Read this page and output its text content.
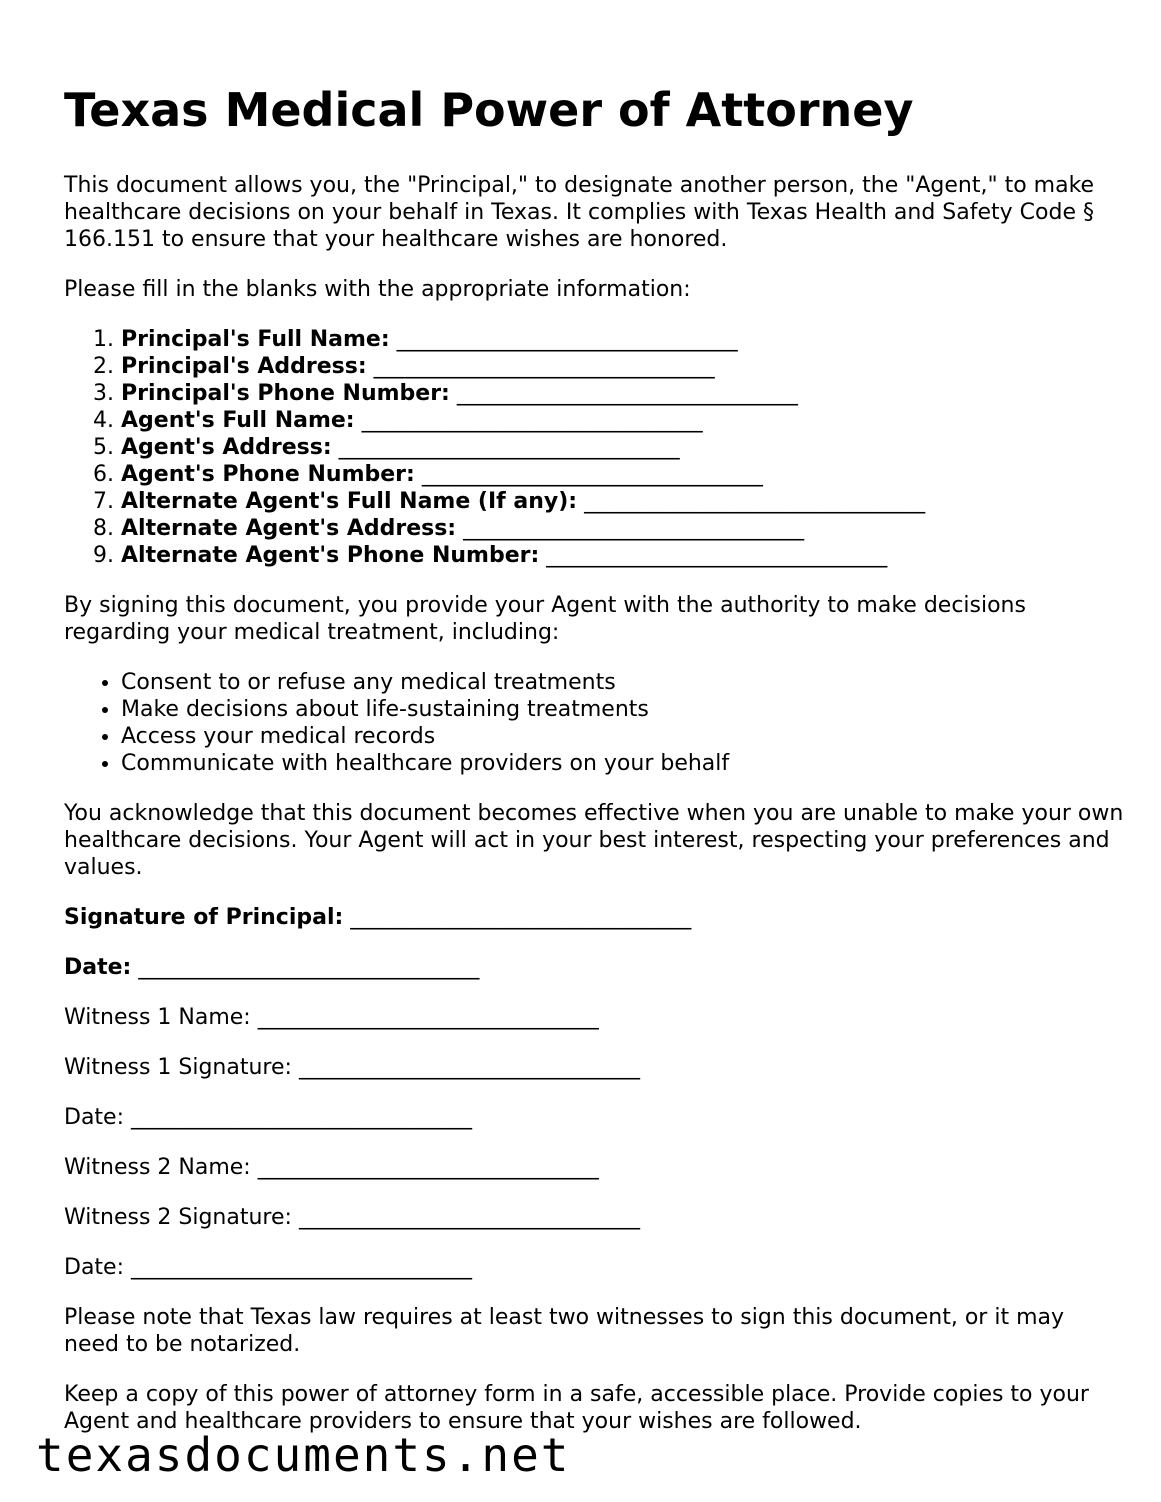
Texas Medical Power of Attorney

This document allows you, the "Principal," to designate another person, the "Agent," to make healthcare decisions on your behalf in Texas. It complies with Texas Health and Safety Code § 166.151 to ensure that your healthcare wishes are honored.

Please fill in the blanks with the appropriate information:

1. Principal's Full Name: _______________________________
2. Principal's Address: _______________________________
3. Principal's Phone Number: _______________________________
4. Agent's Full Name: _______________________________
5. Agent's Address: _______________________________
6. Agent's Phone Number: _______________________________
7. Alternate Agent's Full Name (If any): _______________________________
8. Alternate Agent's Address: _______________________________
9. Alternate Agent's Phone Number: _______________________________

By signing this document, you provide your Agent with the authority to make decisions regarding your medical treatment, including:

• Consent to or refuse any medical treatments
• Make decisions about life-sustaining treatments
• Access your medical records
• Communicate with healthcare providers on your behalf

You acknowledge that this document becomes effective when you are unable to make your own healthcare decisions. Your Agent will act in your best interest, respecting your preferences and values.

Signature of Principal: _______________________________
Date: _______________________________
Witness 1 Name: _______________________________
Witness 1 Signature: _______________________________
Date: _______________________________
Witness 2 Name: _______________________________
Witness 2 Signature: _______________________________
Date: _______________________________

Please note that Texas law requires at least two witnesses to sign this document, or it may need to be notarized.

Keep a copy of this power of attorney form in a safe, accessible place. Provide copies to your Agent and healthcare providers to ensure that your wishes are followed.

texasdocuments.net
